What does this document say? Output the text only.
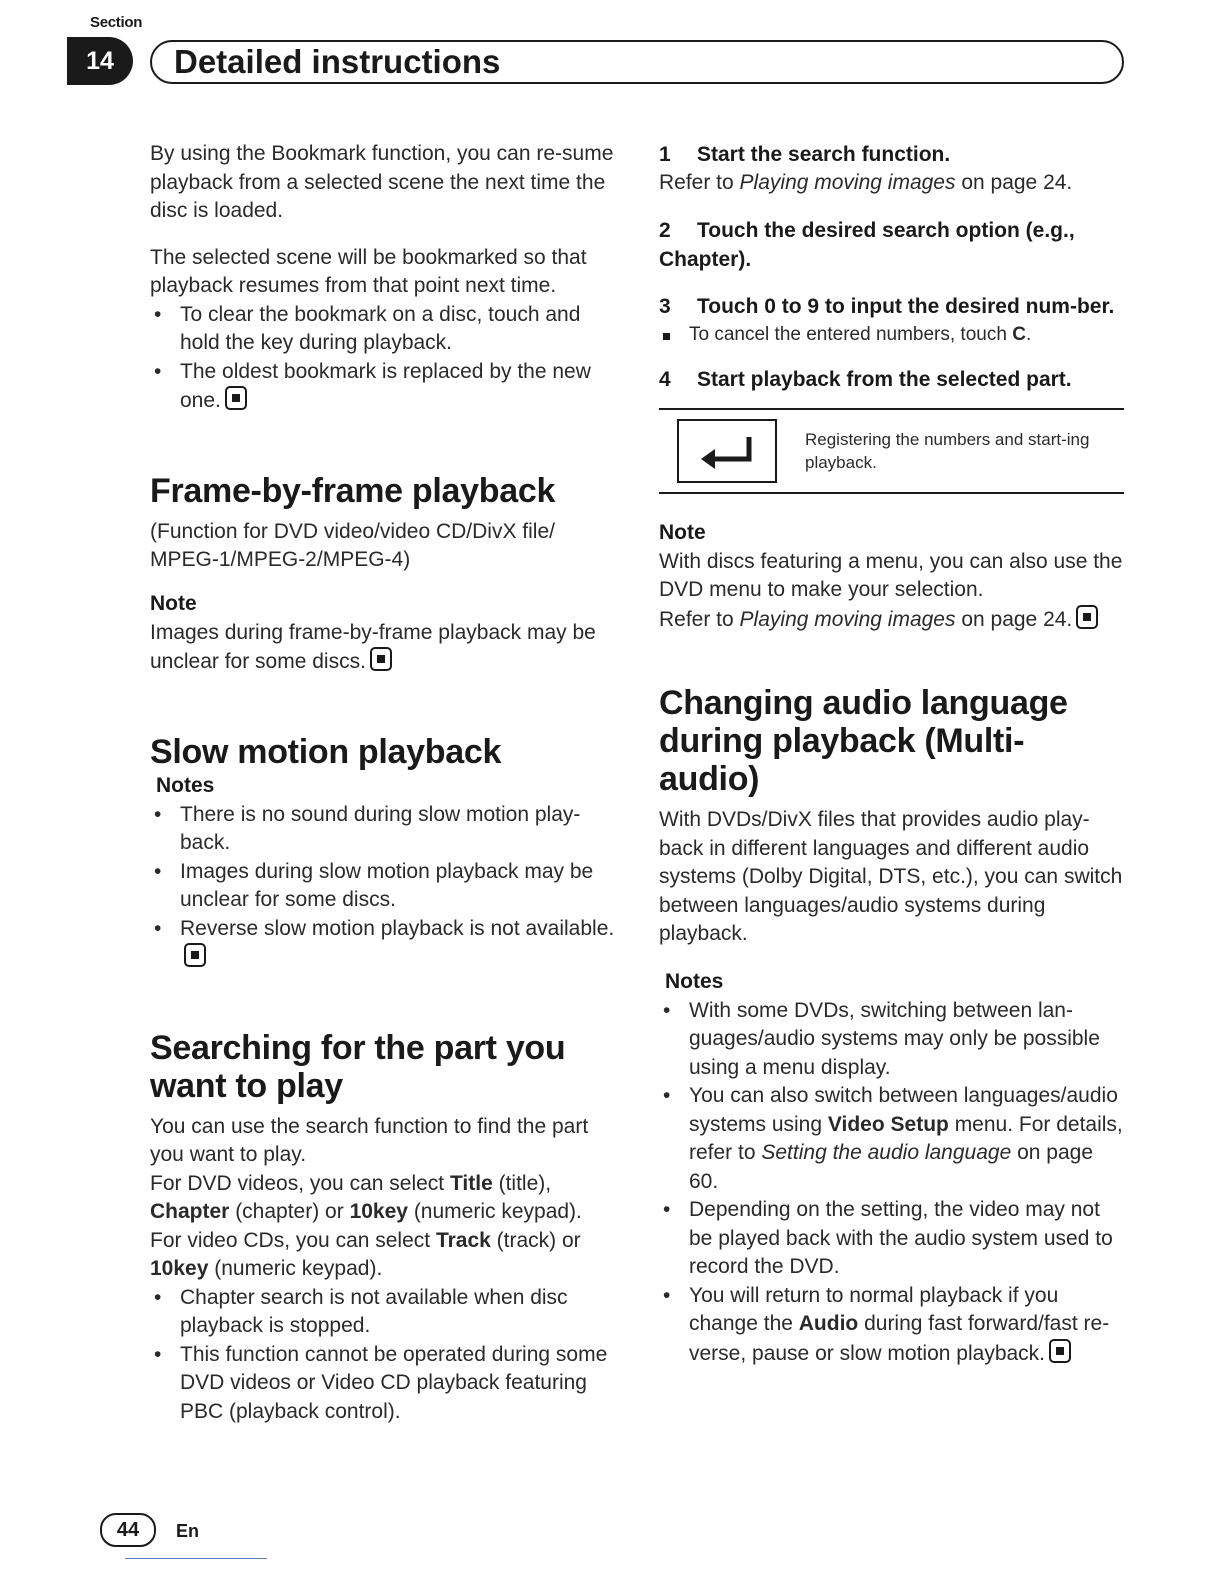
Section
14	Detailed instructions

By using the Bookmark function, you can re-sume playback from a selected scene the next time the disc is loaded.

The selected scene will be bookmarked so that playback resumes from that point next time.

• To clear the bookmark on a disc, touch and hold the key during playback.
• The oldest bookmark is replaced by the new one.
Frame-by-frame playback

(Function for DVD video/video CD/DivX file/ MPEG-1/MPEG-2/MPEG-4)

Note

Images during frame-by-frame playback may be unclear for some discs.

Slow motion playback
Notes
• There is no sound during slow motion play-back.
• Images during slow motion playback may be unclear for some discs.
• Reverse slow motion playback is not available.
Searching for the part you want to play

You can use the search function to find the part you want to play.

For DVD videos, you can select Title (title), Chapter (chapter) or 10key (numeric keypad).

For video CDs, you can select Track (track) or 10key (numeric keypad).

• Chapter search is not available when disc playback is stopped.
• This function cannot be operated during some DVD videos or Video CD playback featuring PBC (playback control).

1 Start the search function.

Refer to Playing moving images on page 24.

2 Touch the desired search option (e.g., Chapter).

3 Touch 0 to 9 to input the desired num-ber.

To cancel the entered numbers, touch C.

4 Start playback from the selected part.

Registering the numbers and start-ing playback.
Note

With discs featuring a menu, you can also use the DVD menu to make your selection.

Refer to Playing moving images on page 24.

Changing audio language during playback (Multi-audio)

With DVDs/DivX files that provides audio play-back in different languages and different audio systems (Dolby Digital, DTS, etc.), you can switch between languages/audio systems during playback.

Notes
• With some DVDs, switching between lan-guages/audio systems may only be possible using a menu display.
• You can also switch between languages/audio systems using Video Setup menu. For details, refer to Setting the audio language on page 60.
• Depending on the setting, the video may not be played back with the audio system used to record the DVD.
• You will return to normal playback if you change the Audio during fast forward/fast re-verse, pause or slow motion playback.
44	En
